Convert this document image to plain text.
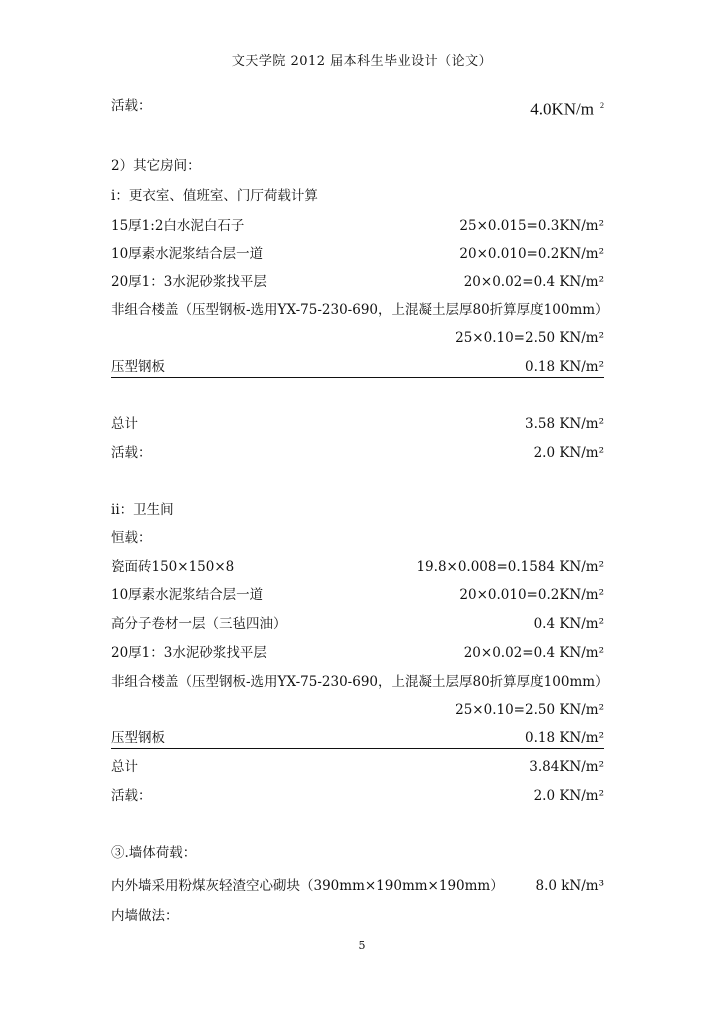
文天学院 2012 届本科生毕业设计（论文）
活载：	4.0KN/m $^2$
2）其它房间：
i：更衣室、值班室、门厅荷载计算
15厚1:2白水泥白石子	25×0.015=0.3KN/m²
10厚素水泥浆结合层一道	20×0.010=0.2KN/m²
20厚1：3水泥砂浆找平层	20×0.02=0.4 KN/m²
非组合楼盖（压型钢板-选用YX-75-230-690，上混凝土层厚80折算厚度100mm）
25×0.10=2.50 KN/m²
压型钢板	0.18 KN/m²
总计	3.58 KN/m²
活载：	2.0 KN/m²
ii：卫生间
恒载：
瓷面砖150×150×8	19.8×0.008=0.1584 KN/m²
10厚素水泥浆结合层一道	20×0.010=0.2KN/m²
高分子卷材一层（三毡四油）	0.4 KN/m²
20厚1：3水泥砂浆找平层	20×0.02=0.4 KN/m²
非组合楼盖（压型钢板-选用YX-75-230-690，上混凝土层厚80折算厚度100mm）
25×0.10=2.50 KN/m²
压型钢板	0.18 KN/m²
总计	3.84KN/m²
活载：	2.0 KN/m²
③.墙体荷载：
内外墙采用粉煤灰轻渣空心砌块（390mm×190mm×190mm） 8.0 kN/m³
内墙做法：
5
